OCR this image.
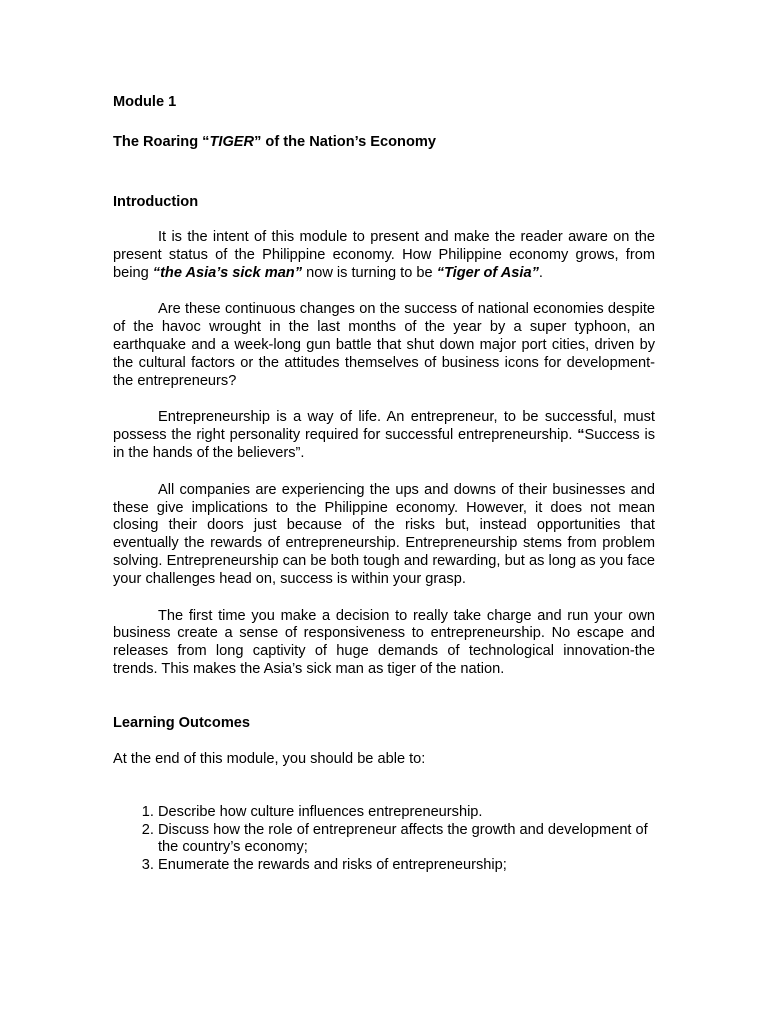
Module 1

The Roaring “TIGER” of the Nation’s Economy

Introduction

It is the intent of this module to present and make the reader aware on the present status of the Philippine economy. How Philippine economy grows, from being “the Asia’s sick man” now is turning to be “Tiger of Asia”.

Are these continuous changes on the success of national economies despite of the havoc wrought in the last months of the year by a super typhoon, an earthquake and a week-long gun battle that shut down major port cities, driven by the cultural factors or the attitudes themselves of business icons for development- the entrepreneurs?

Entrepreneurship is a way of life. An entrepreneur, to be successful, must possess the right personality required for successful entrepreneurship. “Success is in the hands of the believers”.

All companies are experiencing the ups and downs of their businesses and these give implications to the Philippine economy. However, it does not mean closing their doors just because of the risks but, instead opportunities that eventually the rewards of entrepreneurship. Entrepreneurship stems from problem solving. Entrepreneurship can be both tough and rewarding, but as long as you face your challenges head on, success is within your grasp.

The first time you make a decision to really take charge and run your own business create a sense of responsiveness to entrepreneurship. No escape and releases from long captivity of huge demands of technological innovation-the trends. This makes the Asia’s sick man as tiger of the nation.

Learning Outcomes

At the end of this module, you should be able to:

1. Describe how culture influences entrepreneurship.
2. Discuss how the role of entrepreneur affects the growth and development of the country’s economy;
3. Enumerate the rewards and risks of entrepreneurship;
